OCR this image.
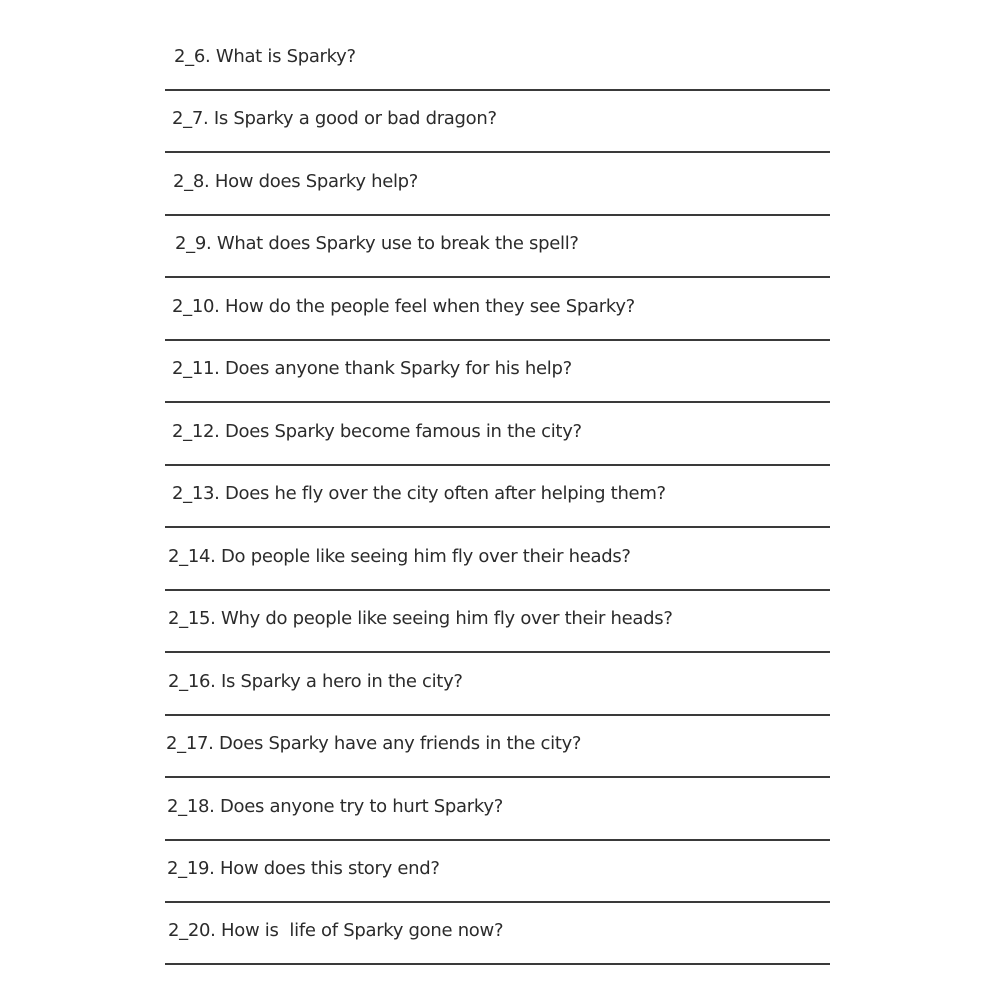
2_6. What is Sparky?
2_7. Is Sparky a good or bad dragon?
2_8. How does Sparky help?
2_9. What does Sparky use to break the spell?
2_10. How do the people feel when they see Sparky?
2_11. Does anyone thank Sparky for his help?
2_12. Does Sparky become famous in the city?
2_13. Does he fly over the city often after helping them?
2_14. Do people like seeing him fly over their heads?
2_15. Why do people like seeing him fly over their heads?
2_16. Is Sparky a hero in the city?
2_17. Does Sparky have any friends in the city?
2_18. Does anyone try to hurt Sparky?
2_19. How does this story end?
2_20. How is  life of Sparky gone now?
